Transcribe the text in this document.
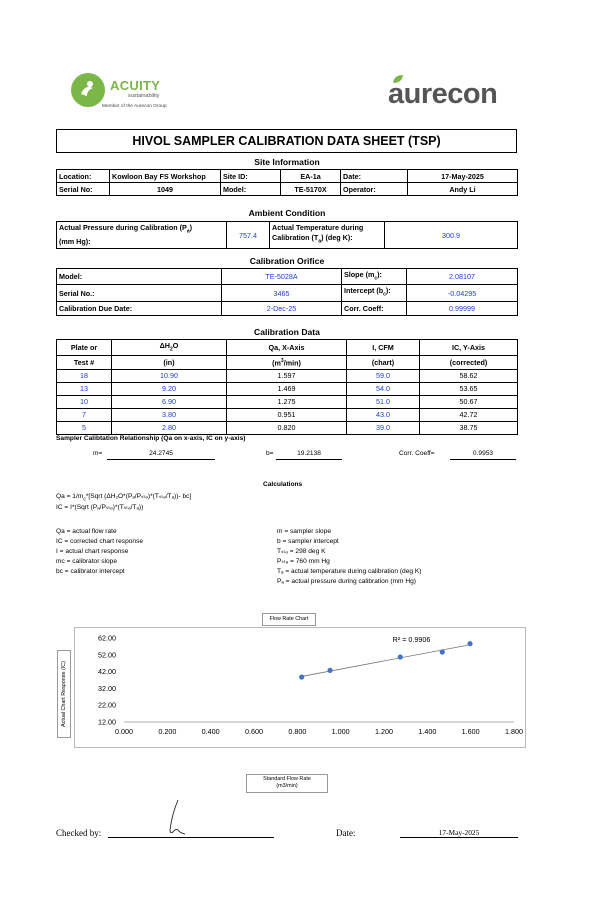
ACUITY
sustainability
Member of the Aurecon Group	aurecon
HIVOL SAMPLER CALIBRATION DATA SHEET (TSP)
Site Information
Location:	Kowloon Bay FS Workshop	Site ID:	EA-1a	Date:	17-May-2025
Serial No:	1049	Model:	TE-5170X	Operator:	Andy Li
Ambient Condition
Actual Pressure during Calibration $(P_a)$
(mm Hg):	757.4	Actual Temperature during
Calibration $(T_a)$ (deg K):	300.9
Calibration Orifice
Model:	TE-5028A	Slope $(m_c)$:	2.08107
Serial No.:	3465	Intercept $(b_c)$:	-0.04295
Calibration Due Date:	2-Dec-25	Corr. Coeff:	0.99999
Calibration Data
Plate or	$\Delta H_2O$	Qa, X-Axis	I, CFM	IC, Y-Axis
Test #	(in)	$(m^3/\min)$	(chart)	(corrected)
18	10.90	1.597	59.0	58.62
13	9.20	1.469	54.0	53.65
10	6.90	1.275	51.0	50.67
7	3.80	0.951	43.0	42.72
5	2.80	0.820	39.0	38.75
Sampler Calibtation Relationship (Qa on x-axis, IC on y-axis)
m=	24.2745	b=	19.2138	Corr. Coeff=	0.9953
Calculations
$Qa = 1/m_c*[Sqrt$ (ΔH₂O*(Pₐ/Pₛₜₔ)*(Tₛₜₔ/Tₐ))- bᴄ]
IC = I*(Sqrt (Pₐ/Pₛₜₔ)*(Tₛₜₔ/Tₐ))
Qa = actual flow rate
IC = corrected chart response
I = actual chart response
mᴄ = calibrator slope
bᴄ = calibrator intercept
m = sampler slope
b = sampler intercept
Tₛₜₔ = 298 deg K
Pₛₜₔ = 760 mm Hg
Tₐ = actual temperature during calibration (deg K)
Pₐ = actual pressure during calibration (mm Hg)
Flow Rate Chart
Actual Chart Response (IC)
0.000	0.200	0.400	0.600	0.800	1.000	1.200	1.400	1.600	1.800
62.00
52.00
42.00
32.00
22.00
12.00
R² = 0.9906
Standard Flow Rate
(m3/min)
Checked by:	Date:	17-May-2025
